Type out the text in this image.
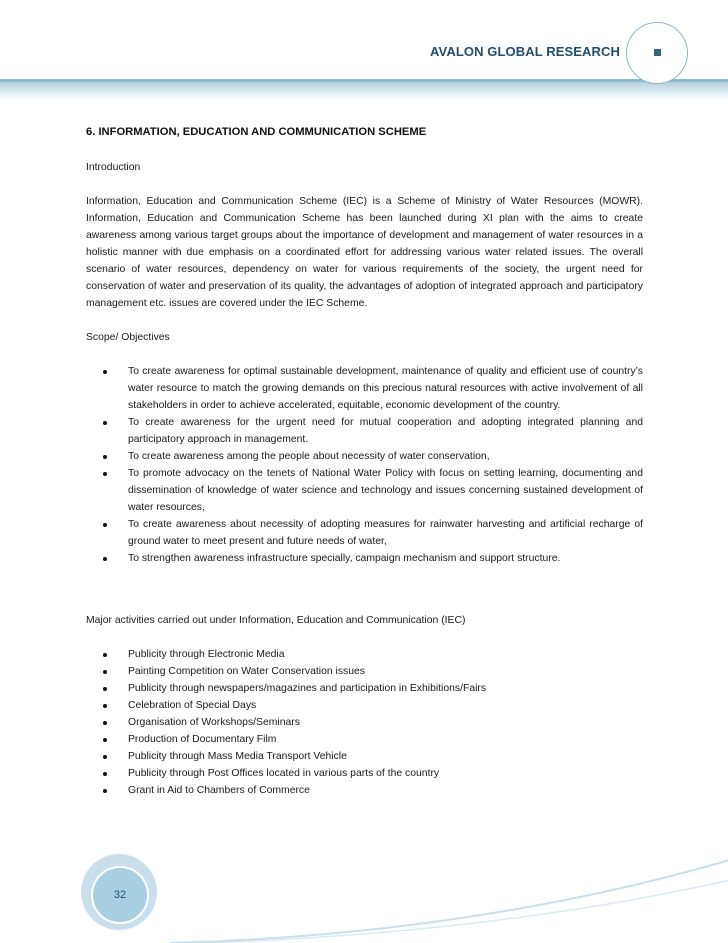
AVALON GLOBAL RESEARCH
6. INFORMATION, EDUCATION AND COMMUNICATION SCHEME

Introduction

Information, Education and Communication Scheme (IEC) is a Scheme of Ministry of Water Resources (MOWR). Information, Education and Communication Scheme has been launched during XI plan with the aims to create awareness among various target groups about the importance of development and management of water resources in a holistic manner with due emphasis on a coordinated effort for addressing various water related issues. The overall scenario of water resources, dependency on water for various requirements of the society, the urgent need for conservation of water and preservation of its quality, the advantages of adoption of integrated approach and participatory management etc. issues are covered under the IEC Scheme.

Scope/ Objectives

To create awareness for optimal sustainable development, maintenance of quality and efficient use of country’s water resource to match the growing demands on this precious natural resources with active involvement of all stakeholders in order to achieve accelerated, equitable, economic development of the country.
To create awareness for the urgent need for mutual cooperation and adopting integrated planning and participatory approach in management.
To create awareness among the people about necessity of water conservation,
To promote advocacy on the tenets of National Water Policy with focus on setting learning, documenting and dissemination of knowledge of water science and technology and issues concerning sustained development of water resources,
To create awareness about necessity of adopting measures for rainwater harvesting and artificial recharge of ground water to meet present and future needs of water,
To strengthen awareness infrastructure specially, campaign mechanism and support structure.

Major activities carried out under Information, Education and Communication (IEC)

Publicity through Electronic Media
Painting Competition on Water Conservation issues
Publicity through newspapers/magazines and participation in Exhibitions/Fairs
Celebration of Special Days
Organisation of Workshops/Seminars
Production of Documentary Film
Publicity through Mass Media Transport Vehicle
Publicity through Post Offices located in various parts of the country
Grant in Aid to Chambers of Commerce
32
